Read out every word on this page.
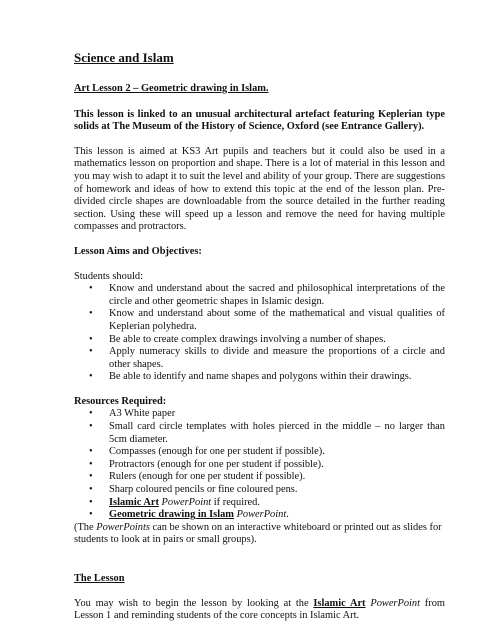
Science and Islam
Art Lesson 2 – Geometric drawing in Islam.
This lesson is linked to an unusual architectural artefact featuring Keplerian type solids at The Museum of the History of Science, Oxford (see Entrance Gallery).
This lesson is aimed at KS3 Art pupils and teachers but it could also be used in a mathematics lesson on proportion and shape. There is a lot of material in this lesson and you may wish to adapt it to suit the level and ability of your group. There are suggestions of homework and ideas of how to extend this topic at the end of the lesson plan. Pre-divided circle shapes are downloadable from the source detailed in the further reading section. Using these will speed up a lesson and remove the need for having multiple compasses and protractors.
Lesson Aims and Objectives:
Students should:
• Know and understand about the sacred and philosophical interpretations of the circle and other geometric shapes in Islamic design.
• Know and understand about some of the mathematical and visual qualities of Keplerian polyhedra.
• Be able to create complex drawings involving a number of shapes.
• Apply numeracy skills to divide and measure the proportions of a circle and other shapes.
• Be able to identify and name shapes and polygons within their drawings.
Resources Required:
• A3 White paper
• Small card circle templates with holes pierced in the middle – no larger than 5cm diameter.
• Compasses (enough for one per student if possible).
• Protractors (enough for one per student if possible).
• Rulers (enough for one per student if possible).
• Sharp coloured pencils or fine coloured pens.
• Islamic Art PowerPoint if required.
• Geometric drawing in Islam PowerPoint.
(The PowerPoints can be shown on an interactive whiteboard or printed out as slides for students to look at in pairs or small groups).
The Lesson
You may wish to begin the lesson by looking at the Islamic Art PowerPoint from Lesson 1 and reminding students of the core concepts in Islamic Art.
